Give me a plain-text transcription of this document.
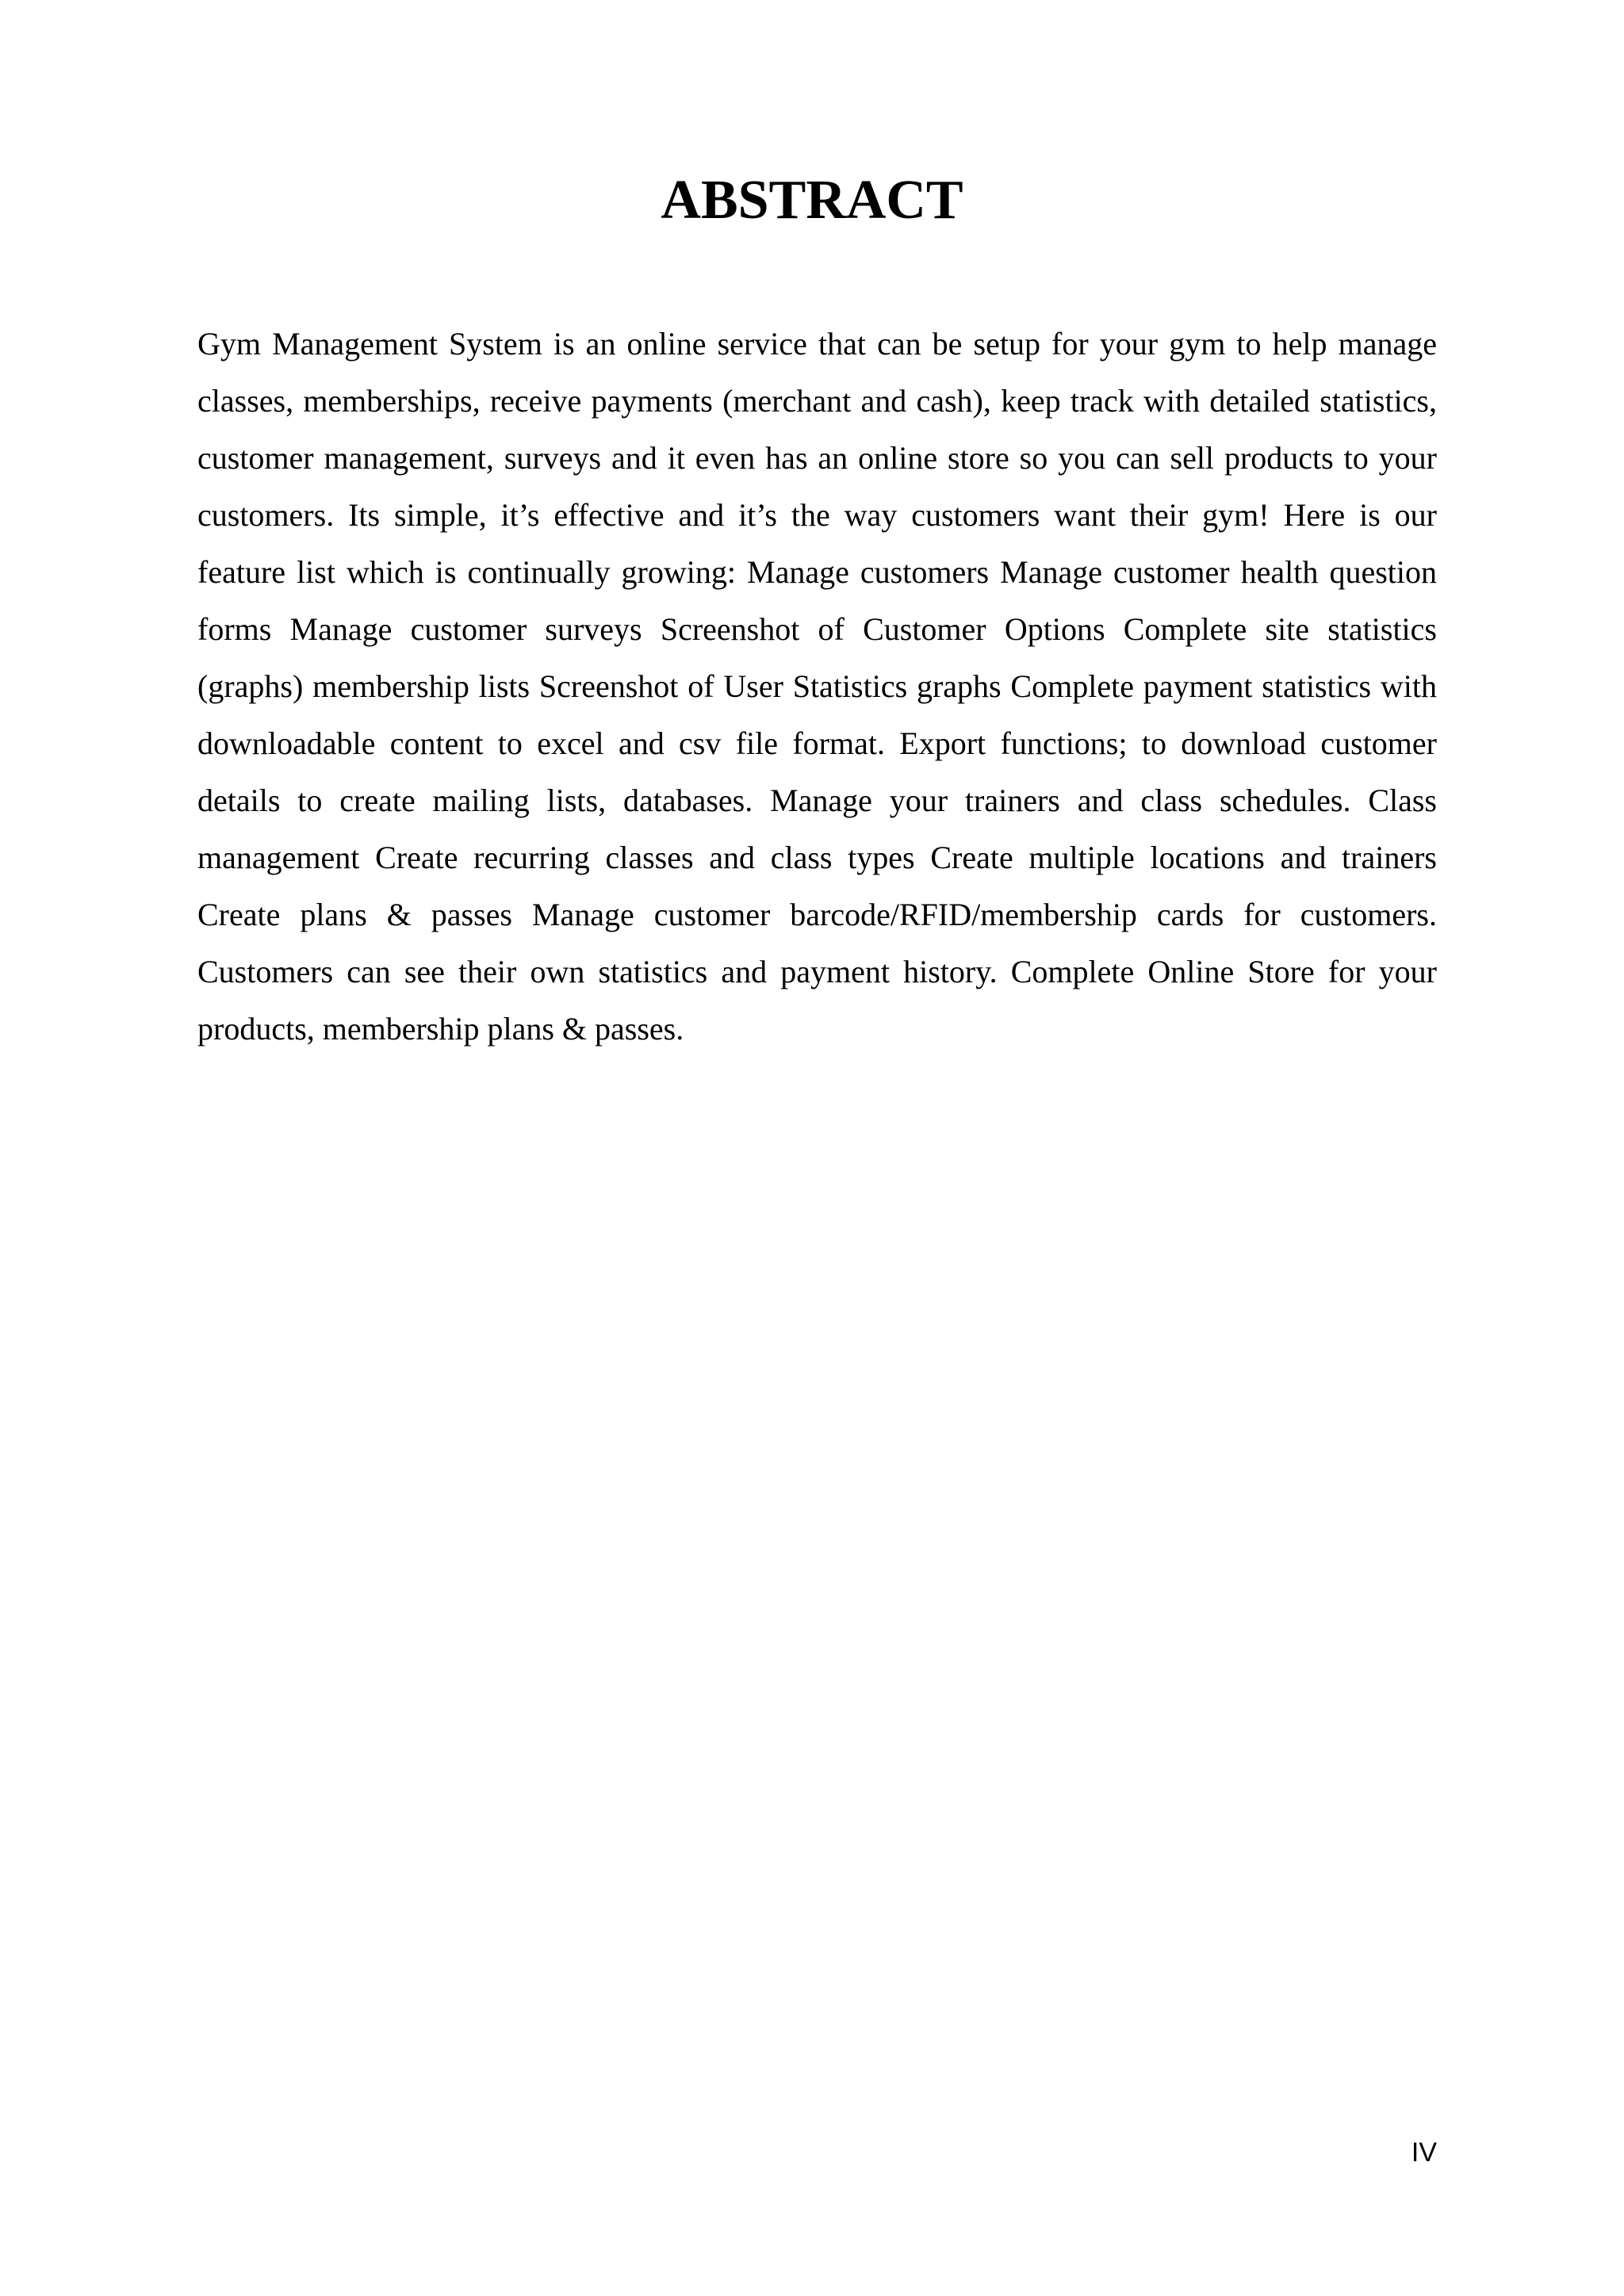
ABSTRACT

Gym Management System is an online service that can be setup for your gym to help manage classes, memberships, receive payments (merchant and cash), keep track with detailed statistics, customer management, surveys and it even has an online store so you can sell products to your customers. Its simple, it’s effective and it’s the way customers want their gym! Here is our feature list which is continually growing: Manage customers Manage customer health question forms Manage customer surveys Screenshot of Customer Options Complete site statistics (graphs) membership lists Screenshot of User Statistics graphs Complete payment statistics with downloadable content to excel and csv file format. Export functions; to download customer details to create mailing lists, databases. Manage your trainers and class schedules. Class management Create recurring classes and class types Create multiple locations and trainers Create plans & passes Manage customer barcode/RFID/membership cards for customers. Customers can see their own statistics and payment history. Complete Online Store for your products, membership plans & passes.

IV
